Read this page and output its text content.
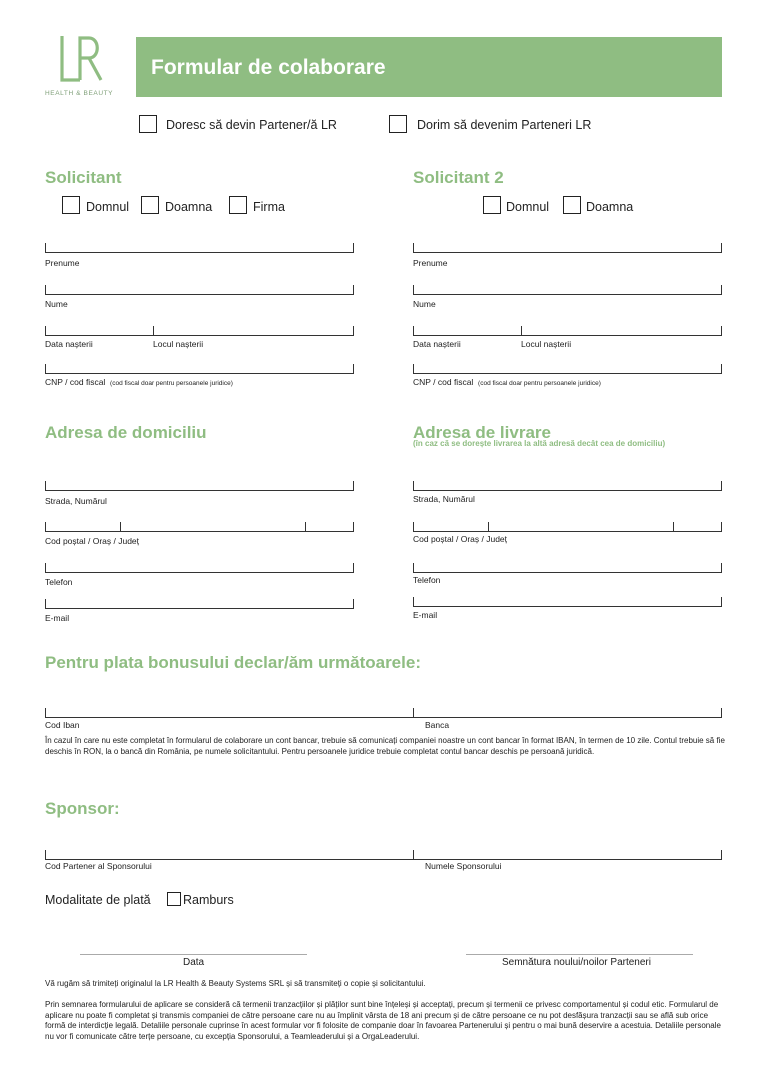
HEALTH & BEAUTY
Formular de colaborare
Doresc să devin Partener/ă LR	Dorim să devenim Parteneri LR
Solicitant
Domnul	Doamna	Firma
Prenume
Nume
Data nașterii	Locul nașterii
CNP / cod fiscal (cod fiscal doar pentru persoanele juridice)
Solicitant 2
Domnul	Doamna
Prenume
Nume
Data nașterii	Locul nașterii
CNP / cod fiscal (cod fiscal doar pentru persoanele juridice)
Adresa de domiciliu
Strada, Numărul
Cod poștal / Oraș / Județ
Telefon
E-mail
Adresa de livrare
(în caz că se dorește livrarea la altă adresă decât cea de domiciliu)
Strada, Numărul
Cod poștal / Oraș / Județ
Telefon
E-mail
Pentru plata bonusului declar/ăm următoarele:
Cod Iban	Banca
În cazul în care nu este completat în formularul de colaborare un cont bancar, trebuie să comunicați companiei noastre un cont bancar în format IBAN, în termen de 10 zile. Contul trebuie să fie deschis în RON, la o bancă din România, pe numele solicitantului. Pentru persoanele juridice trebuie completat contul bancar deschis pe persoană juridică.
Sponsor:
Cod Partener al Sponsorului	Numele Sponsorului
Modalitate de plată	Ramburs
Data	Semnătura noului/noilor Parteneri
Vă rugăm să trimiteți originalul la LR Health & Beauty Systems SRL și să transmiteți o copie și solicitantului.
Prin semnarea formularului de aplicare se consideră că termenii tranzacțiilor și plăților sunt bine înțeleși și acceptați, precum și termenii ce privesc comportamentul și codul etic. Formularul de aplicare nu poate fi completat și transmis companiei de către persoane care nu au împlinit vârsta de 18 ani precum și de către persoane ce nu pot desfășura tranzacții sau se află sub orice formă de interdicție legală. Detaliile personale cuprinse în acest formular vor fi folosite de companie doar în favoarea Partenerului și pentru o mai bună deservire a acestuia. Detaliile personale nu vor fi comunicate către terțe persoane, cu excepția Sponsorului, a Teamleaderului și a OrgaLeaderului.
